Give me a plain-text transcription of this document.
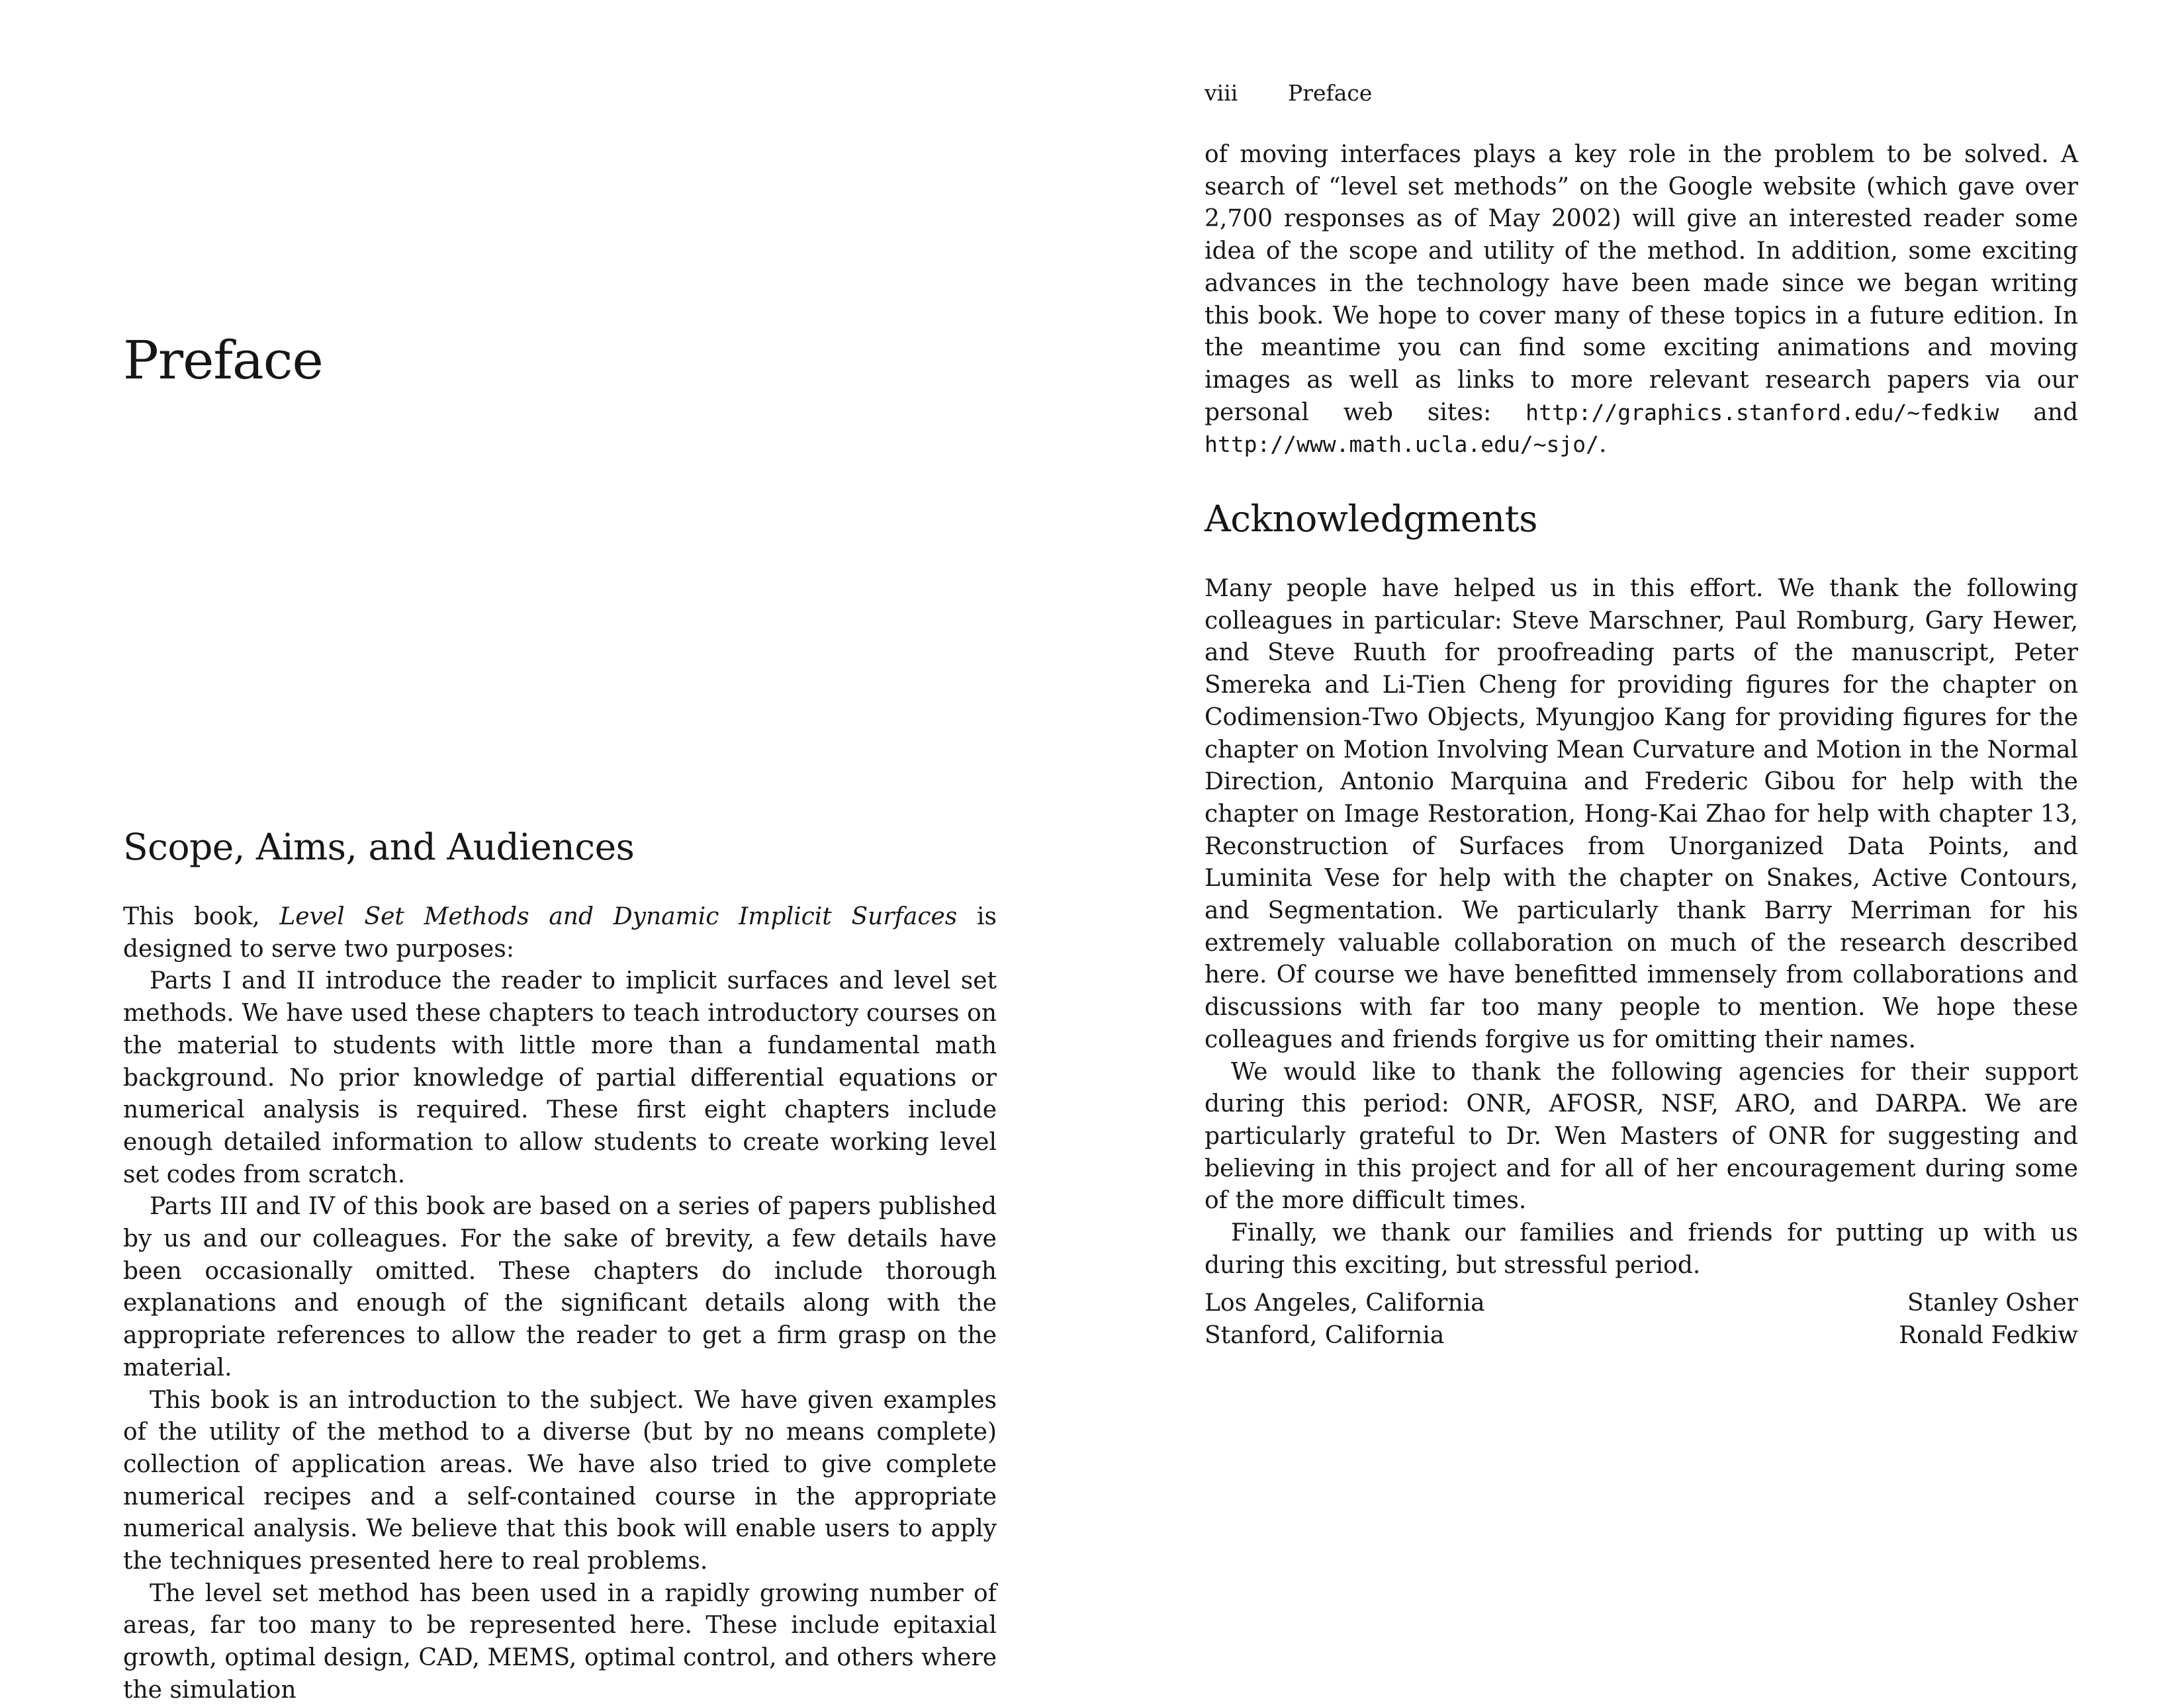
Preface
Scope, Aims, and Audiences

This book, Level Set Methods and Dynamic Implicit Surfaces is designed to serve two purposes:

Parts I and II introduce the reader to implicit surfaces and level set methods. We have used these chapters to teach introductory courses on the material to students with little more than a fundamental math background. No prior knowledge of partial differential equations or numerical analysis is required. These first eight chapters include enough detailed information to allow students to create working level set codes from scratch.

Parts III and IV of this book are based on a series of papers published by us and our colleagues. For the sake of brevity, a few details have been occasionally omitted. These chapters do include thorough explanations and enough of the significant details along with the appropriate references to allow the reader to get a firm grasp on the material.

This book is an introduction to the subject. We have given examples of the utility of the method to a diverse (but by no means complete) collection of application areas. We have also tried to give complete numerical recipes and a self-contained course in the appropriate numerical analysis. We believe that this book will enable users to apply the techniques presented here to real problems.

The level set method has been used in a rapidly growing number of areas, far too many to be represented here. These include epitaxial growth, optimal design, CAD, MEMS, optimal control, and others where the simulation

viii Preface

of moving interfaces plays a key role in the problem to be solved. A search of “level set methods” on the Google website (which gave over 2,700 responses as of May 2002) will give an interested reader some idea of the scope and utility of the method. In addition, some exciting advances in the technology have been made since we began writing this book. We hope to cover many of these topics in a future edition. In the meantime you can find some exciting animations and moving images as well as links to more relevant research papers via our personal web sites: http://graphics.stanford.edu/~fedkiw and http://www.math.ucla.edu/~sjo/.

Acknowledgments

Many people have helped us in this effort. We thank the following colleagues in particular: Steve Marschner, Paul Romburg, Gary Hewer, and Steve Ruuth for proofreading parts of the manuscript, Peter Smereka and Li-Tien Cheng for providing figures for the chapter on Codimension-Two Objects, Myungjoo Kang for providing figures for the chapter on Motion Involving Mean Curvature and Motion in the Normal Direction, Antonio Marquina and Frederic Gibou for help with the chapter on Image Restoration, Hong-Kai Zhao for help with chapter 13, Reconstruction of Surfaces from Unorganized Data Points, and Luminita Vese for help with the chapter on Snakes, Active Contours, and Segmentation. We particularly thank Barry Merriman for his extremely valuable collaboration on much of the research described here. Of course we have benefitted immensely from collaborations and discussions with far too many people to mention. We hope these colleagues and friends forgive us for omitting their names.

We would like to thank the following agencies for their support during this period: ONR, AFOSR, NSF, ARO, and DARPA. We are particularly grateful to Dr. Wen Masters of ONR for suggesting and believing in this project and for all of her encouragement during some of the more difficult times.

Finally, we thank our families and friends for putting up with us during this exciting, but stressful period.

Los Angeles, California	Stanley Osher
Stanford, California	Ronald Fedkiw
